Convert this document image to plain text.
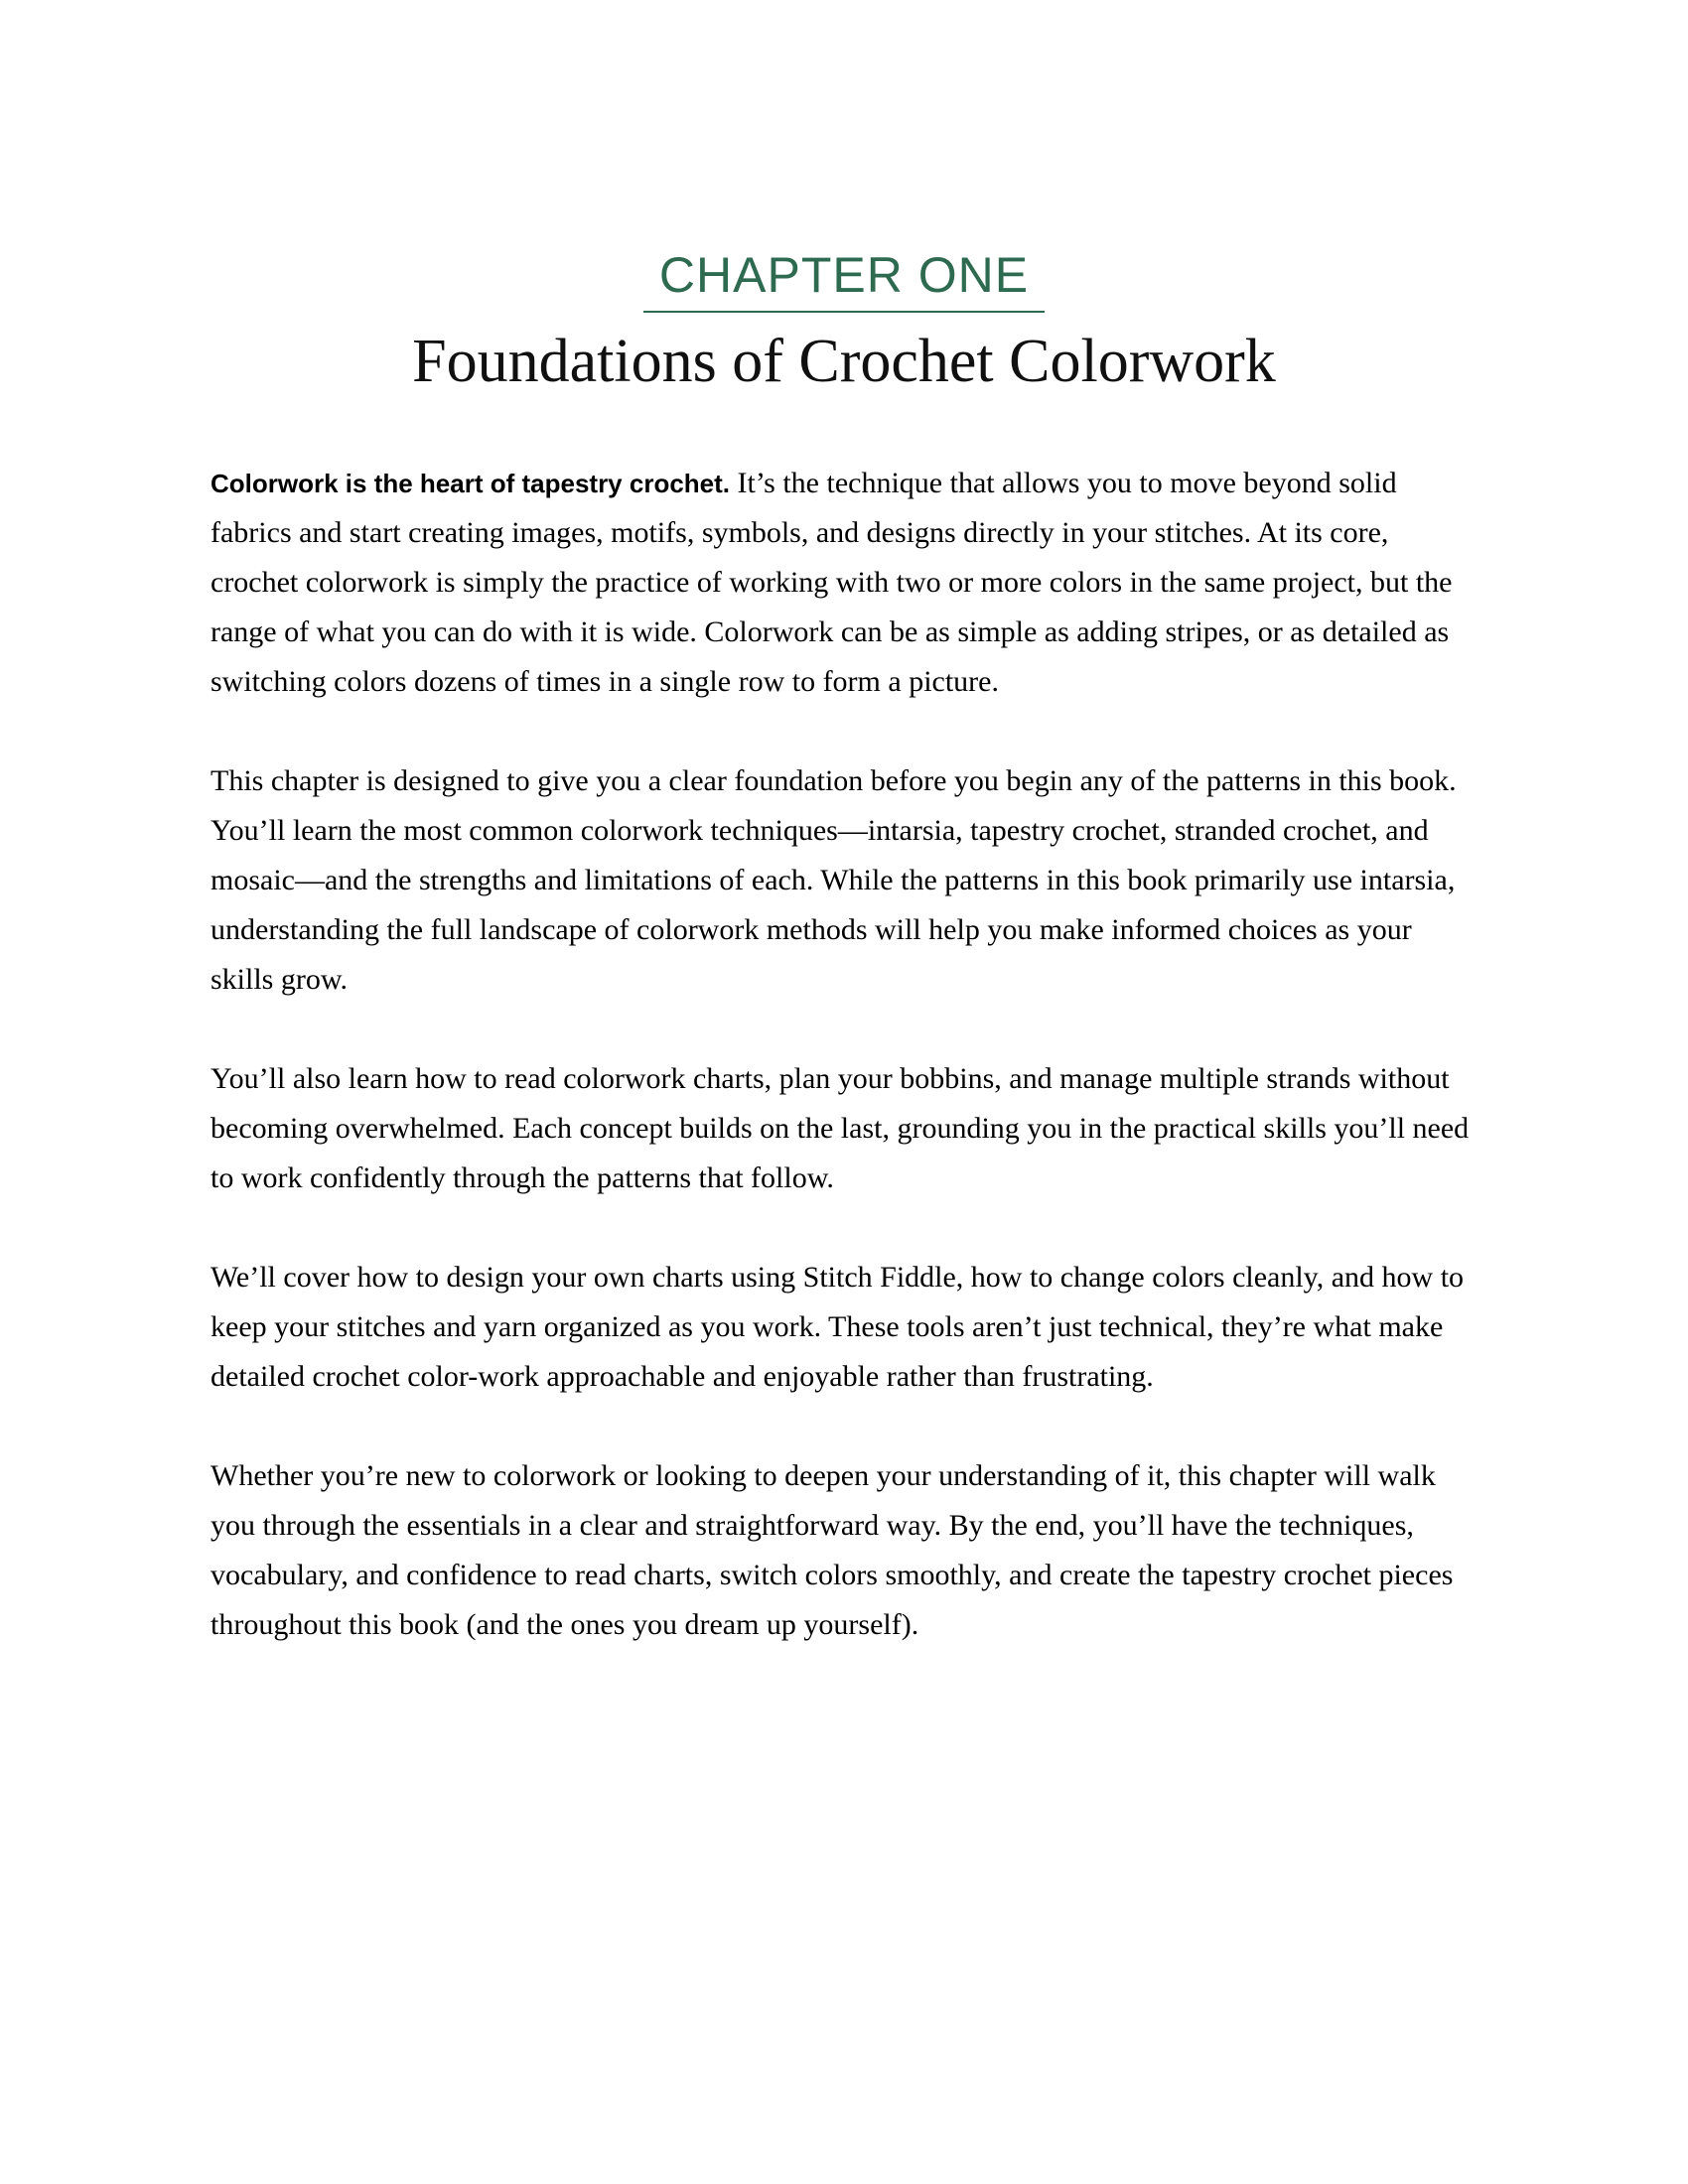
CHAPTER ONE
Foundations of Crochet Colorwork

Colorwork is the heart of tapestry crochet. It’s the technique that allows you to move beyond solid fabrics and start creating images, motifs, symbols, and designs directly in your stitches. At its core, crochet colorwork is simply the practice of working with two or more colors in the same project, but the range of what you can do with it is wide. Colorwork can be as simple as adding stripes, or as detailed as switching colors dozens of times in a single row to form a picture.

This chapter is designed to give you a clear foundation before you begin any of the patterns in this book. You’ll learn the most common colorwork techniques—intarsia, tapestry crochet, stranded crochet, and mosaic—and the strengths and limitations of each. While the patterns in this book primarily use intarsia, understanding the full landscape of colorwork methods will help you make informed choices as your skills grow.

You’ll also learn how to read colorwork charts, plan your bobbins, and manage multiple strands without becoming overwhelmed. Each concept builds on the last, grounding you in the practical skills you’ll need to work confidently through the patterns that follow.

We’ll cover how to design your own charts using Stitch Fiddle, how to change colors cleanly, and how to keep your stitches and yarn organized as you work. These tools aren’t just technical, they’re what make detailed crochet color-work approachable and enjoyable rather than frustrating.

Whether you’re new to colorwork or looking to deepen your understanding of it, this chapter will walk you through the essentials in a clear and straightforward way. By the end, you’ll have the techniques, vocabulary, and confidence to read charts, switch colors smoothly, and create the tapestry crochet pieces throughout this book (and the ones you dream up yourself).
